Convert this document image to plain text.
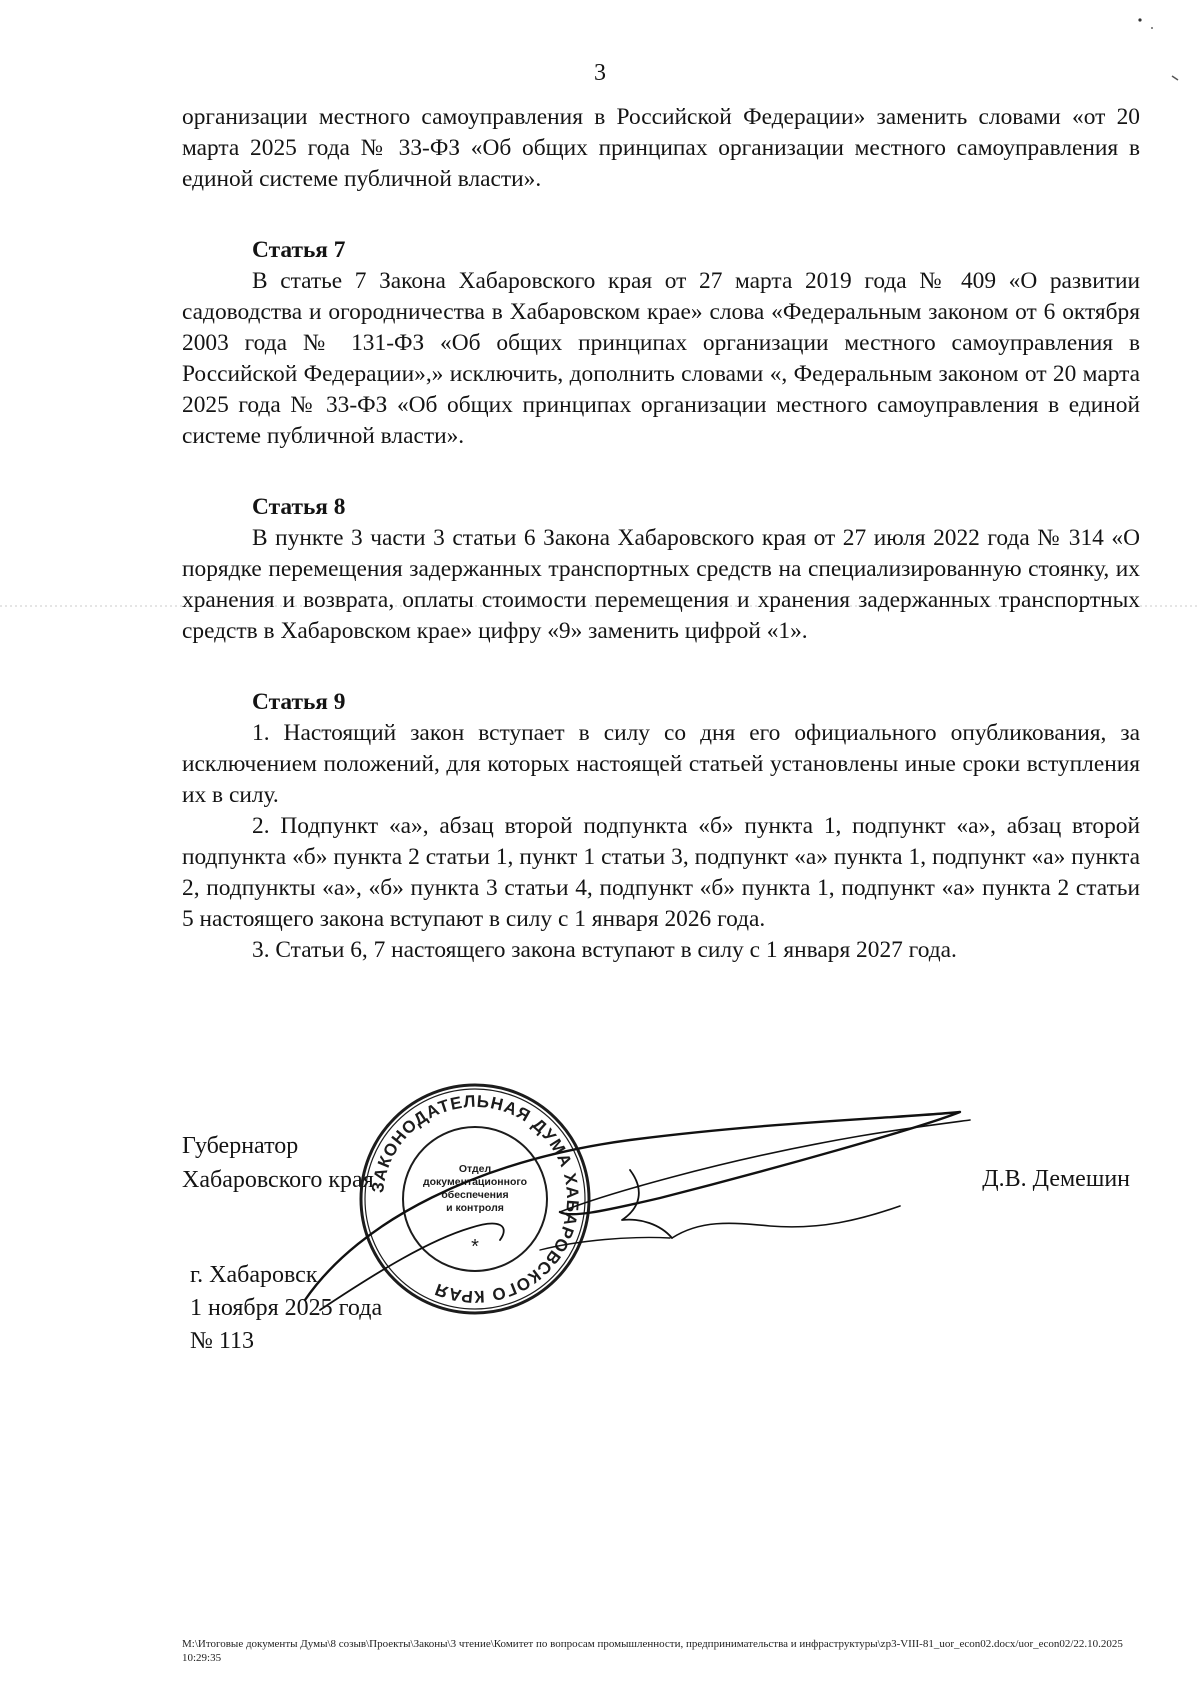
3

организации местного самоуправления в Российской Федерации» заменить словами «от 20 марта 2025 года № 33-ФЗ «Об общих принципах организации местного самоуправления в единой системе публичной власти».

Статья 7

В статье 7 Закона Хабаровского края от 27 марта 2019 года № 409 «О развитии садоводства и огородничества в Хабаровском крае» слова «Федеральным законом от 6 октября 2003 года № 131-ФЗ «Об общих принципах организации местного самоуправления в Российской Федерации»,» исключить, дополнить словами «, Федеральным законом от 20 марта 2025 года № 33-ФЗ «Об общих принципах организации местного самоуправления в единой системе публичной власти».

Статья 8

В пункте 3 части 3 статьи 6 Закона Хабаровского края от 27 июля 2022 года № 314 «О порядке перемещения задержанных транспортных средств на специализированную стоянку, их хранения и возврата, оплаты стоимости перемещения и хранения задержанных транспортных средств в Хабаровском крае» цифру «9» заменить цифрой «1».

Статья 9

1. Настоящий закон вступает в силу со дня его официального опубликования, за исключением положений, для которых настоящей статьей установлены иные сроки вступления их в силу.

2. Подпункт «а», абзац второй подпункта «б» пункта 1, подпункт «а», абзац второй подпункта «б» пункта 2 статьи 1, пункт 1 статьи 3, подпункт «а» пункта 1, подпункт «а» пункта 2, подпункты «а», «б» пункта 3 статьи 4, подпункт «б» пункта 1, подпункт «а» пункта 2 статьи 5 настоящего закона вступают в силу с 1 января 2026 года.

3. Статьи 6, 7 настоящего закона вступают в силу с 1 января 2027 года.

Губернатор
Хабаровского края	Д.В. Демешин
г. Хабаровск
1 ноября 2025 года
№ 113
ЗАКОНОДАТЕЛЬНАЯ ДУМА ХАБАРОВСКОГО КРАЯ
Отдел
документационного
обеспечения
и контроля
*
M:\Итоговые документы Думы\8 созыв\Проекты\Законы\3 чтение\Комитет по вопросам промышленности, предпринимательства и инфраструктуры\zp3-VIII-81_uor_econ02.docx/uor_econ02/22.10.2025 10:29:35
